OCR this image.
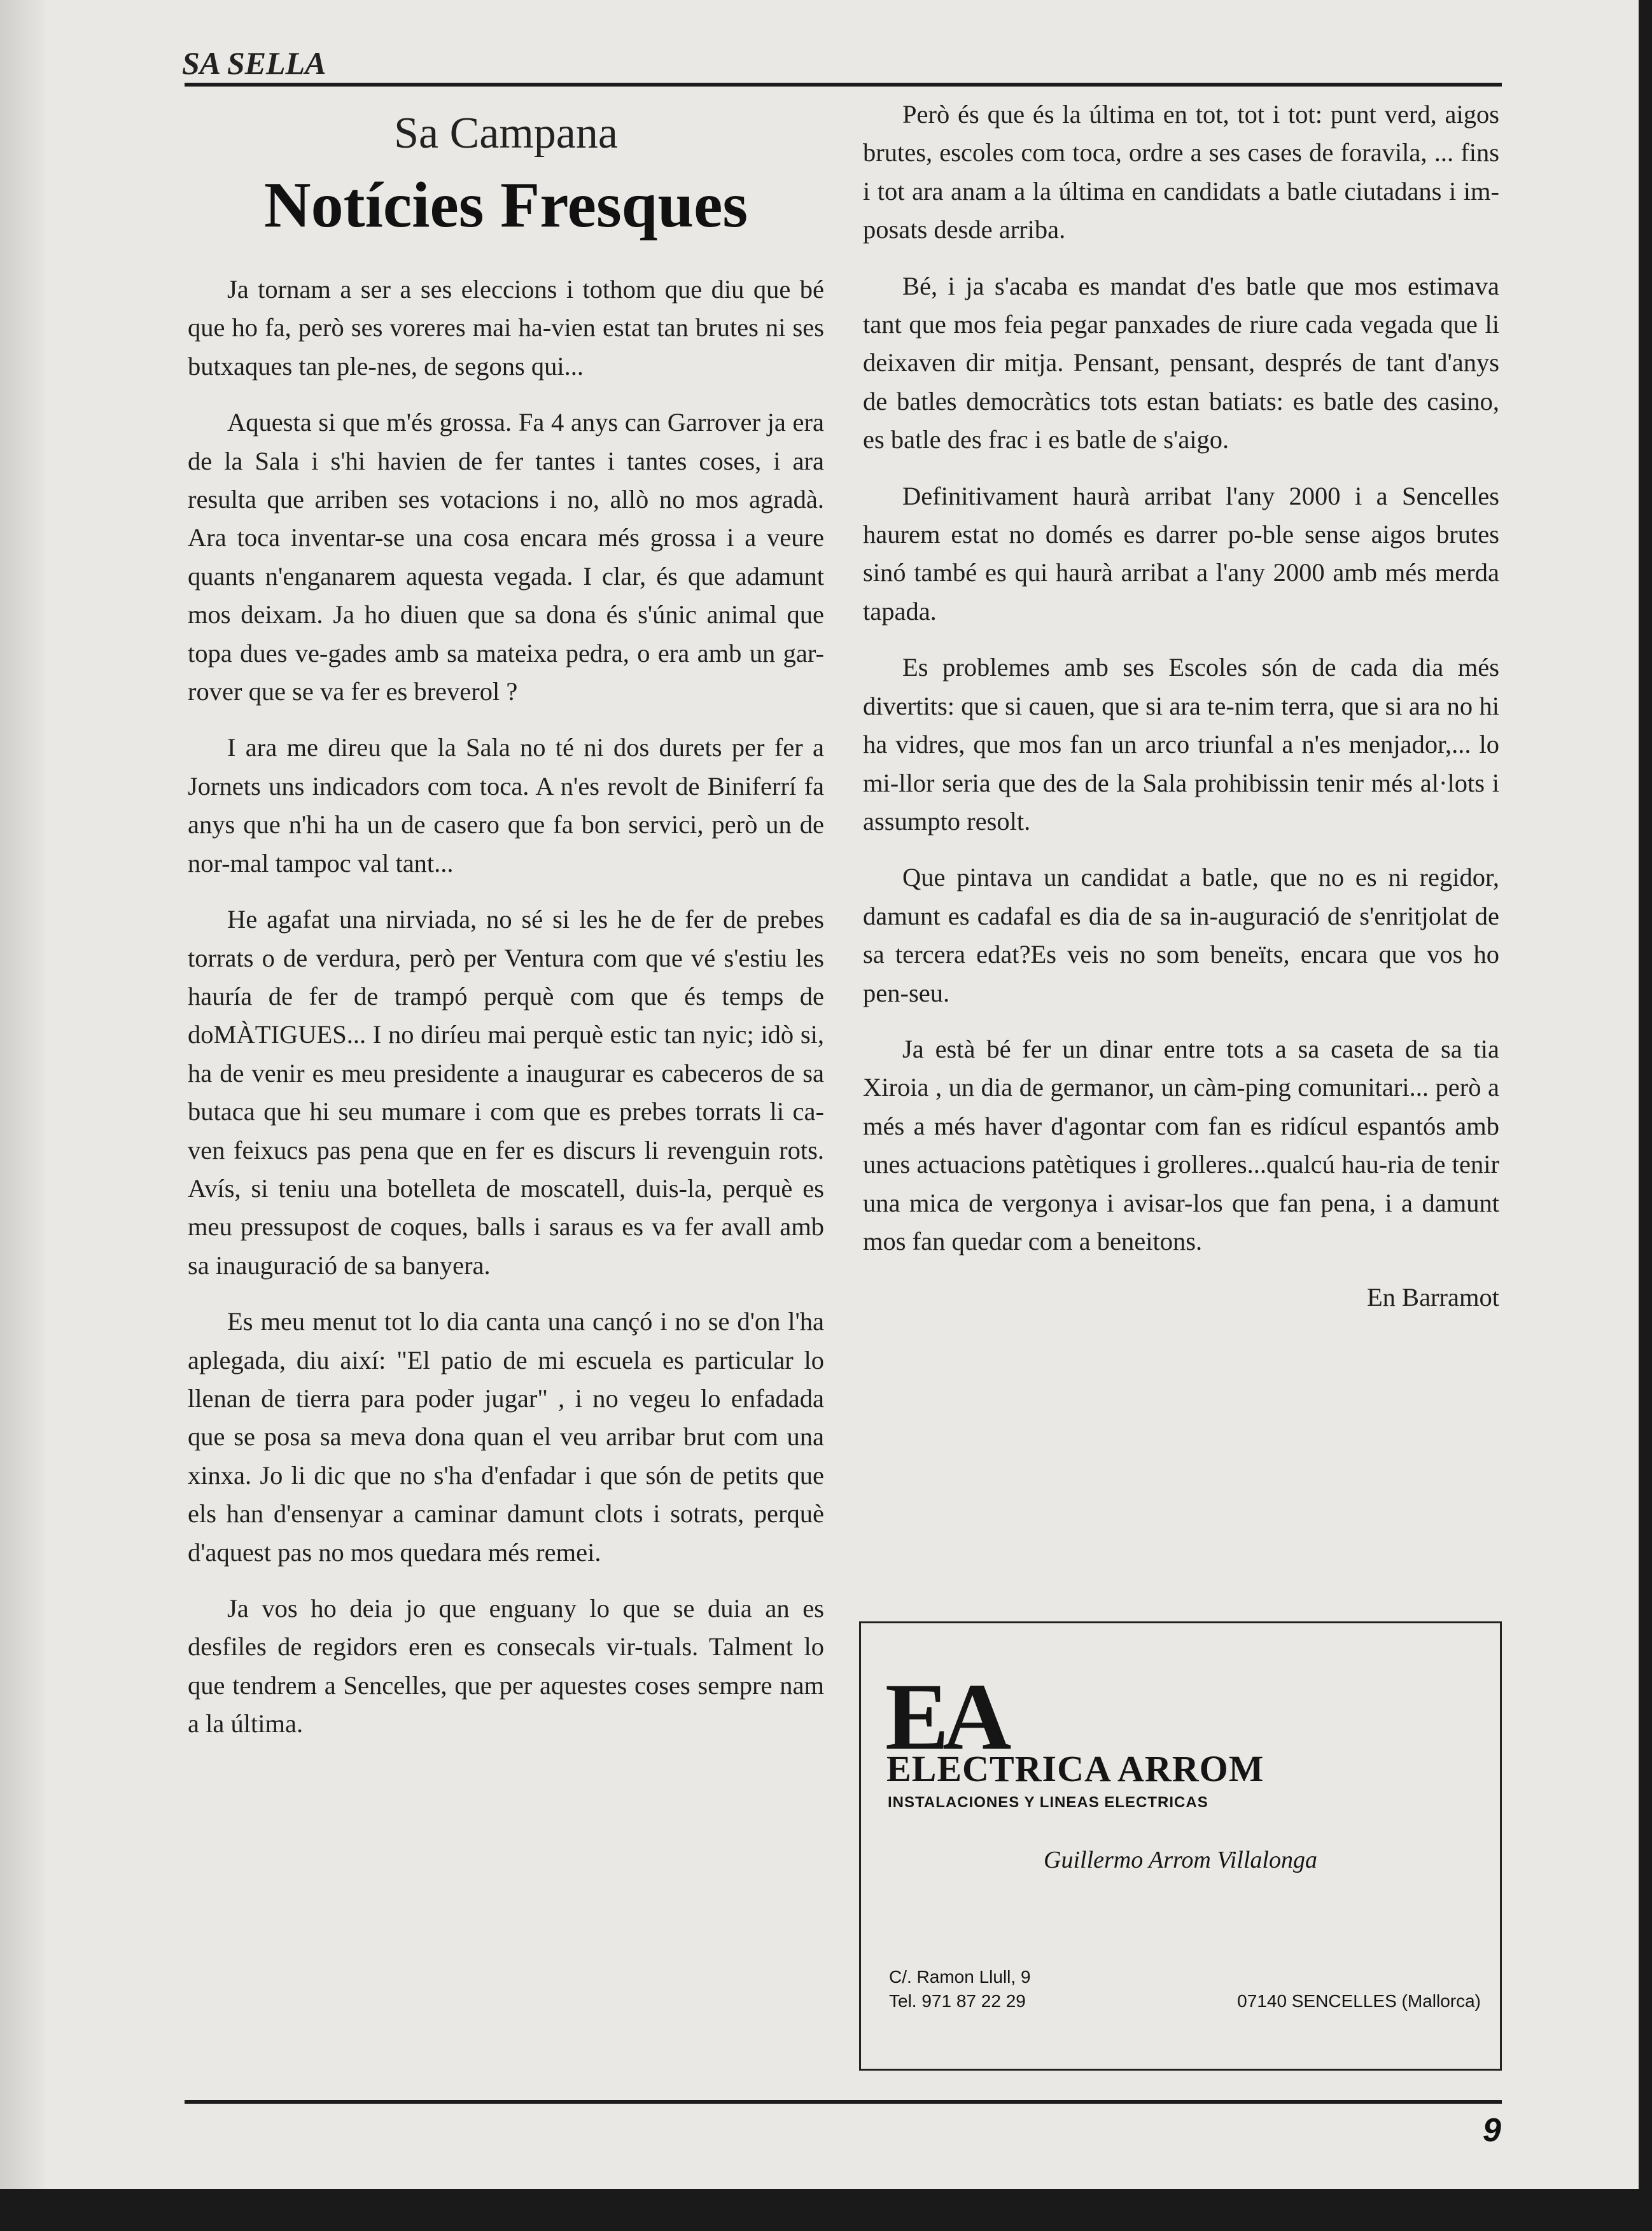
SA SELLA
Sa Campana
Notícies Fresques

Ja tornam a ser a ses eleccions i tothom que diu que bé que ho fa, però ses voreres mai ha-vien estat tan brutes ni ses butxaques tan ple-nes, de segons qui...

Aquesta si que m'és grossa. Fa 4 anys can Garrover ja era de la Sala i s'hi havien de fer tantes i tantes coses, i ara resulta que arriben ses votacions i no, allò no mos agradà. Ara toca inventar-se una cosa encara més grossa i a veure quants n'enganarem aquesta vegada. I clar, és que adamunt mos deixam. Ja ho diuen que sa dona és s'únic animal que topa dues ve-gades amb sa mateixa pedra, o era amb un gar-rover que se va fer es breverol ?

I ara me direu que la Sala no té ni dos durets per fer a Jornets uns indicadors com toca. A n'es revolt de Biniferrí fa anys que n'hi ha un de casero que fa bon servici, però un de nor-mal tampoc val tant...

He agafat una nirviada, no sé si les he de fer de prebes torrats o de verdura, però per Ventura com que vé s'estiu les hauría de fer de trampó perquè com que és temps de doMÀTIGUES... I no diríeu mai perquè estic tan nyic; idò si, ha de venir es meu presidente a inaugurar es cabeceros de sa butaca que hi seu mumare i com que es prebes torrats li ca-ven feixucs pas pena que en fer es discurs li revenguin rots. Avís, si teniu una botelleta de moscatell, duis-la, perquè es meu pressupost de coques, balls i saraus es va fer avall amb sa inauguració de sa banyera.

Es meu menut tot lo dia canta una cançó i no se d'on l'ha aplegada, diu així: "El patio de mi escuela es particular lo llenan de tierra para poder jugar" , i no vegeu lo enfadada que se posa sa meva dona quan el veu arribar brut com una xinxa. Jo li dic que no s'ha d'enfadar i que són de petits que els han d'ensenyar a caminar damunt clots i sotrats, perquè d'aquest pas no mos quedara més remei.

Ja vos ho deia jo que enguany lo que se duia an es desfiles de regidors eren es consecals vir-tuals. Talment lo que tendrem a Sencelles, que per aquestes coses sempre nam a la última.

Però és que és la última en tot, tot i tot: punt verd, aigos brutes, escoles com toca, ordre a ses cases de foravila, ... fins i tot ara anam a la última en candidats a batle ciutadans i im-posats desde arriba.

Bé, i ja s'acaba es mandat d'es batle que mos estimava tant que mos feia pegar panxades de riure cada vegada que li deixaven dir mitja. Pensant, pensant, després de tant d'anys de batles democràtics tots estan batiats: es batle des casino, es batle des frac i es batle de s'aigo.

Definitivament haurà arribat l'any 2000 i a Sencelles haurem estat no domés es darrer po-ble sense aigos brutes sinó també es qui haurà arribat a l'any 2000 amb més merda tapada.

Es problemes amb ses Escoles són de cada dia més divertits: que si cauen, que si ara te-nim terra, que si ara no hi ha vidres, que mos fan un arco triunfal a n'es menjador,... lo mi-llor seria que des de la Sala prohibissin tenir més al·lots i assumpto resolt.

Que pintava un candidat a batle, que no es ni regidor, damunt es cadafal es dia de sa in-auguració de s'enritjolat de sa tercera edat?Es veis no som beneïts, encara que vos ho pen-seu.

Ja està bé fer un dinar entre tots a sa caseta de sa tia Xiroia , un dia de germanor, un càm-ping comunitari... però a més a més haver d'agontar com fan es ridícul espantós amb unes actuacions patètiques i grolleres...qualcú hau-ria de tenir una mica de vergonya i avisar-los que fan pena, i a damunt mos fan quedar com a beneitons.

En Barramot
EA
ELECTRICA ARROM
INSTALACIONES Y LINEAS ELECTRICAS
Guillermo Arrom Villalonga
C/. Ramon Llull, 9
Tel. 971 87 22 29	07140 SENCELLES (Mallorca)
9
